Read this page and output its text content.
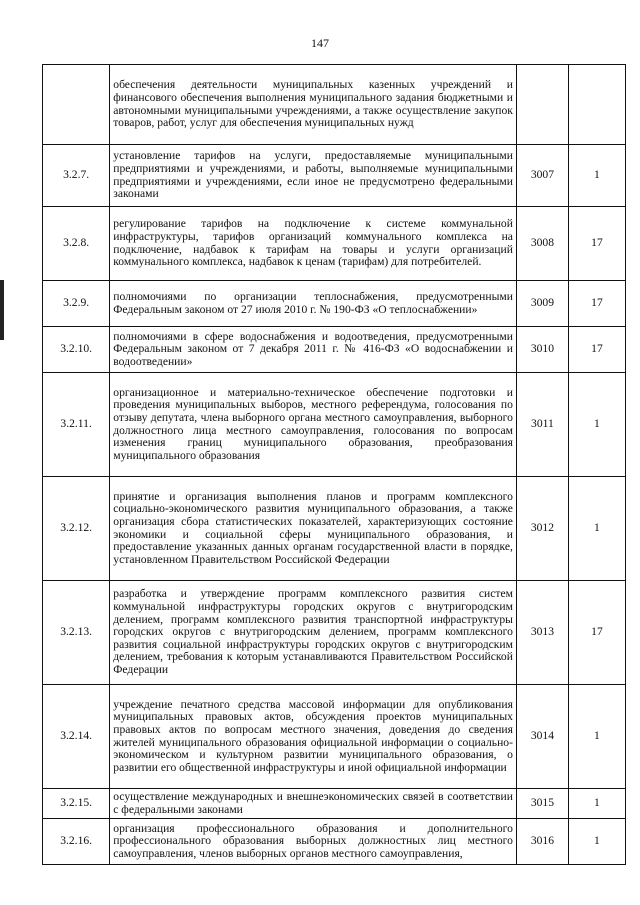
147
	обеспечения деятельности муниципальных казенных учреждений и финансового обеспечения выполнения муниципального задания бюджетными и автономными муниципальными учреждениями, а также осуществление закупок товаров, работ, услуг для обеспечения муниципальных нужд		
3.2.7.	установление тарифов на услуги, предоставляемые муниципальными предприятиями и учреждениями, и работы, выполняемые муниципальными предприятиями и учреждениями, если иное не предусмотрено федеральными законами	3007	1
3.2.8.	регулирование тарифов на подключение к системе коммунальной инфраструктуры, тарифов организаций коммунального комплекса на подключение, надбавок к тарифам на товары и услуги организаций коммунального комплекса, надбавок к ценам (тарифам) для потребителей.	3008	17
3.2.9.	полномочиями по организации теплоснабжения, предусмотренными Федеральным законом от 27 июля 2010 г. № 190-ФЗ «О теплоснабжении»	3009	17
3.2.10.	полномочиями в сфере водоснабжения и водоотведения, предусмотренными Федеральным законом от 7 декабря 2011 г. № 416-ФЗ «О водоснабжении и водоотведении»	3010	17
3.2.11.	организационное и материально-техническое обеспечение подготовки и проведения муниципальных выборов, местного референдума, голосования по отзыву депутата, члена выборного органа местного самоуправления, выборного должностного лица местного самоуправления, голосования по вопросам изменения границ муниципального образования, преобразования муниципального образования	3011	1
3.2.12.	принятие и организация выполнения планов и программ комплексного социально-экономического развития муниципального образования, а также организация сбора статистических показателей, характеризующих состояние экономики и социальной сферы муниципального образования, и предоставление указанных данных органам государственной власти в порядке, установленном Правительством Российской Федерации	3012	1
3.2.13.	разработка и утверждение программ комплексного развития систем коммунальной инфраструктуры городских округов с внутригородским делением, программ комплексного развития транспортной инфраструктуры городских округов с внутригородским делением, программ комплексного развития социальной инфраструктуры городских округов с внутригородским делением, требования к которым устанавливаются Правительством Российской Федерации	3013	17
3.2.14.	учреждение печатного средства массовой информации для опубликования муниципальных правовых актов, обсуждения проектов муниципальных правовых актов по вопросам местного значения, доведения до сведения жителей муниципального образования официальной информации о социально-экономическом и культурном развитии муниципального образования, о развитии его общественной инфраструктуры и иной официальной информации	3014	1
3.2.15.	осуществление международных и внешнеэкономических связей в соответствии с федеральными законами	3015	1
3.2.16.	организация профессионального образования и дополнительного профессионального образования выборных должностных лиц местного самоуправления, членов выборных органов местного самоуправления,	3016	1
